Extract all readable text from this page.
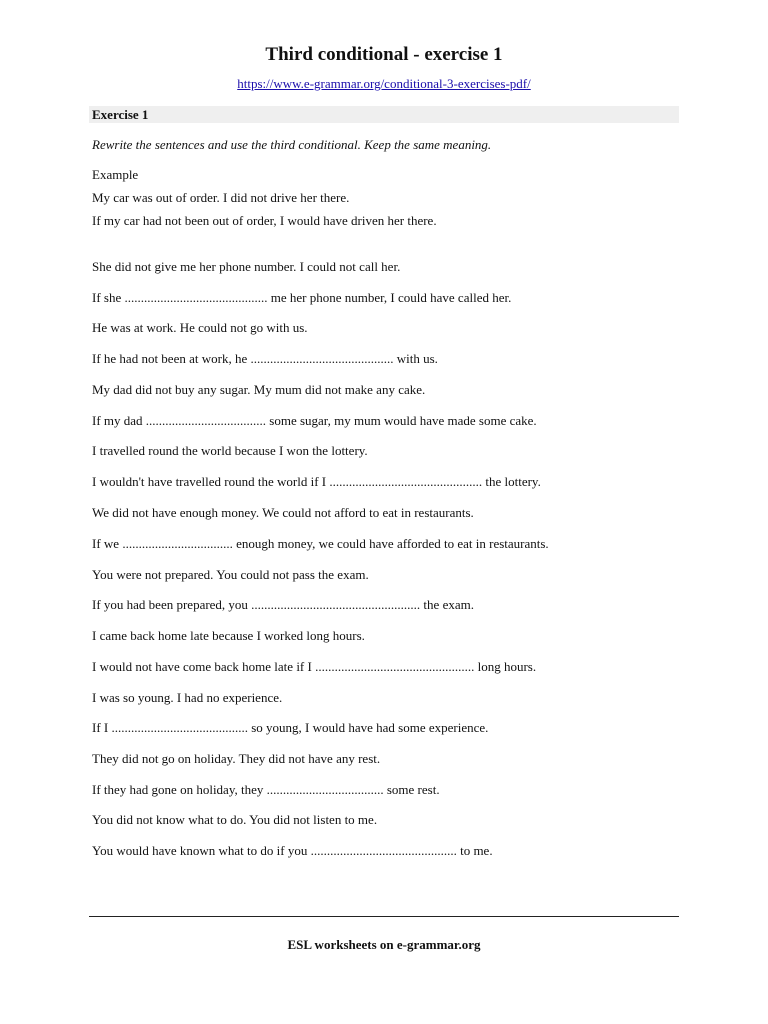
Third conditional - exercise 1
https://www.e-grammar.org/conditional-3-exercises-pdf/
Exercise 1
Rewrite the sentences and use the third conditional. Keep the same meaning.
Example
My car was out of order. I did not drive her there.
If my car had not been out of order, I would have driven her there.
She did not give me her phone number. I could not call her.
If she ............................................ me her phone number, I could have called her.
He was at work. He could not go with us.
If he had not been at work, he ............................................ with us.
My dad did not buy any sugar. My mum did not make any cake.
If my dad ..................................... some sugar, my mum would have made some cake.
I travelled round the world because I won the lottery.
I wouldn't have travelled round the world if I ............................................... the lottery.
We did not have enough money. We could not afford to eat in restaurants.
If we .................................. enough money, we could have afforded to eat in restaurants.
You were not prepared. You could not pass the exam.
If you had been prepared, you .................................................... the exam.
I came back home late because I worked long hours.
I would not have come back home late if I ................................................. long hours.
I was so young. I had no experience.
If I .......................................... so young, I would have had some experience.
They did not go on holiday. They did not have any rest.
If they had gone on holiday, they .................................... some rest.
You did not know what to do. You did not listen to me.
You would have known what to do if you ............................................. to me.
ESL worksheets on e-grammar.org
